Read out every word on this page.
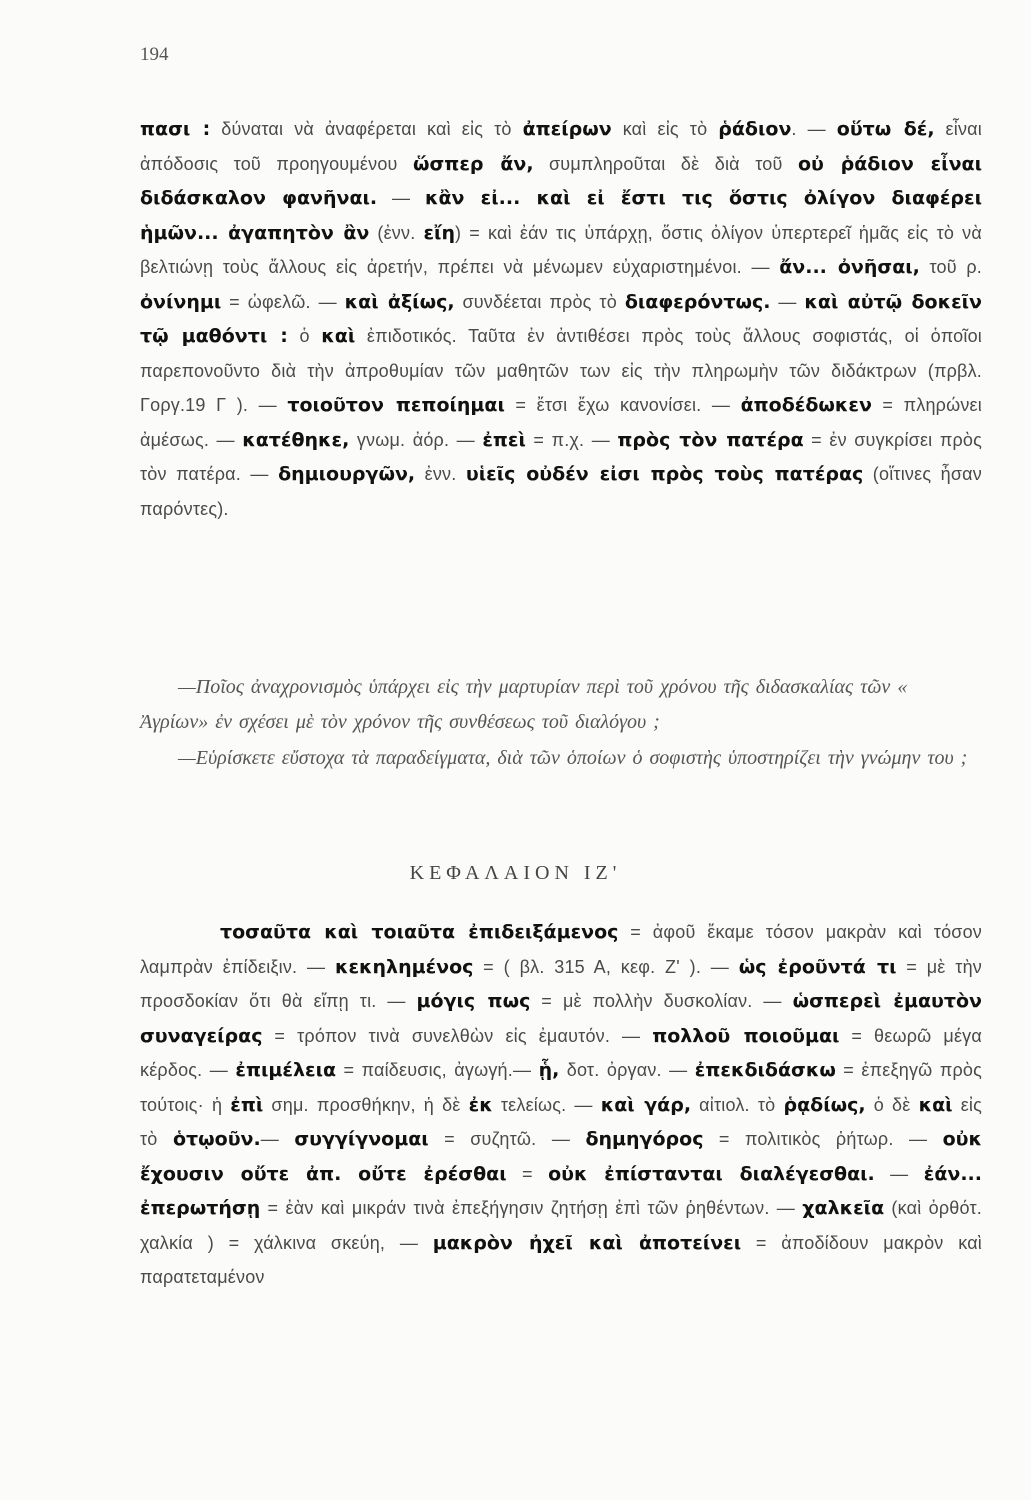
194

πασι : δύναται νὰ ἀναφέρεται καὶ εἰς τὸ ἀπείρων καὶ εἰς τὸ ῥάδιον. — οὕτω δέ, εἶναι ἀπόδοσις τοῦ προηγουμένου ὥσπερ ἄν, συμπληροῦται δὲ διὰ τοῦ οὐ ῥάδιον εἶναι διδάσκαλον φανῆναι. — κἂν εἰ... καὶ εἰ ἔστι τις ὅστις ὀλίγον διαφέρει ἡμῶν... ἀγαπητὸν ἂν (ἐνν. εἴη) = καὶ ἐάν τις ὑπάρχῃ, ὅστις ὀλίγον ὑπερτερεῖ ἡμᾶς εἰς τὸ νὰ βελτιώνῃ τοὺς ἄλλους εἰς ἀρετήν, πρέπει νὰ μένωμεν εὐχαριστημένοι. — ἄν... ὀνῆσαι, τοῦ ρ. ὀνίνημι = ὠφελῶ. — καὶ ἀξίως, συνδέεται πρὸς τὸ διαφερόντως. — καὶ αὐτῷ δοκεῖν τῷ μαθόντι : ὁ καὶ ἐπιδοτικός. Ταῦτα ἐν ἀντιθέσει πρὸς τοὺς ἄλλους σοφιστάς, οἱ ὁποῖοι παρεπονοῦντο διὰ τὴν ἀπροθυμίαν τῶν μαθητῶν των εἰς τὴν πληρωμὴν τῶν διδάκτρων (πρβλ. Γοργ.19 Γ ). — τοιοῦτον πεποίημαι = ἔτσι ἔχω κανονίσει. — ἀποδέδωκεν = πληρώνει ἀμέσως. — κατέθηκε, γνωμ. ἀόρ. — ἐπεὶ = π.χ. — πρὸς τὸν πατέρα = ἐν συγκρίσει πρὸς τὸν πατέρα. — δημιουργῶν, ἐνν. υἱεῖς οὐδέν εἰσι πρὸς τοὺς πατέρας (οἵτινες ἦσαν παρόντες).

—Ποῖος ἀναχρονισμὸς ὑπάρχει εἰς τὴν μαρτυρίαν περὶ τοῦ χρόνου τῆς διδασκαλίας τῶν « Ἀγρίων» ἐν σχέσει μὲ τὸν χρόνον τῆς συνθέσεως τοῦ διαλόγου ;

—Εὑρίσκετε εὔστοχα τὰ παραδείγματα, διὰ τῶν ὁποίων ὁ σοφιστὴς ὑποστηρίζει τὴν γνώμην του ;

ΚΕΦΑΛΑΙΟΝ ΙΖ'

τοσαῦτα καὶ τοιαῦτα ἐπιδειξάμενος = ἀφοῦ ἔκαμε τόσον μακρὰν καὶ τόσον λαμπρὰν ἐπίδειξιν. — κεκηλημένος = ( βλ. 315 Α, κεφ. Ζ' ). — ὡς ἐροῦντά τι = μὲ τὴν προσδοκίαν ὅτι θὰ εἴπῃ τι. — μόγις πως = μὲ πολλὴν δυσκολίαν. — ὡσπερεὶ ἐμαυτὸν συναγείρας = τρόπον τινὰ συνελθὼν εἰς ἐμαυτόν. — πολλοῦ ποιοῦμαι = θεωρῶ μέγα κέρδος. — ἐπιμέλεια = παίδευσις, ἀγωγή.— ᾗ, δοτ. ὀργαν. — ἐπεκδιδάσκω = ἐπεξηγῶ πρὸς τούτοις· ἡ ἐπὶ σημ. προσθήκην, ἡ δὲ ἐκ τελείως. — καὶ γάρ, αἰτιολ. τὸ ῥᾳδίως, ὁ δὲ καὶ εἰς τὸ ὁτῳοῦν.— συγγίγνομαι = συζητῶ. — δημηγόρος = πολιτικὸς ῥήτωρ. — οὐκ ἔχουσιν οὔτε ἀπ. οὔτε ἐρέσθαι = οὐκ ἐπίστανται διαλέγεσθαι. — ἐάν... ἐπερωτήσῃ = ἐὰν καὶ μικράν τινὰ ἐπεξήγησιν ζητήσῃ ἐπὶ τῶν ῥηθέντων. — χαλκεῖα (καὶ ὀρθότ. χαλκία ) = χάλκινα σκεύη, — μακρὸν ἠχεῖ καὶ ἀποτείνει = ἀποδίδουν μακρὸν καὶ παρατεταμένον
